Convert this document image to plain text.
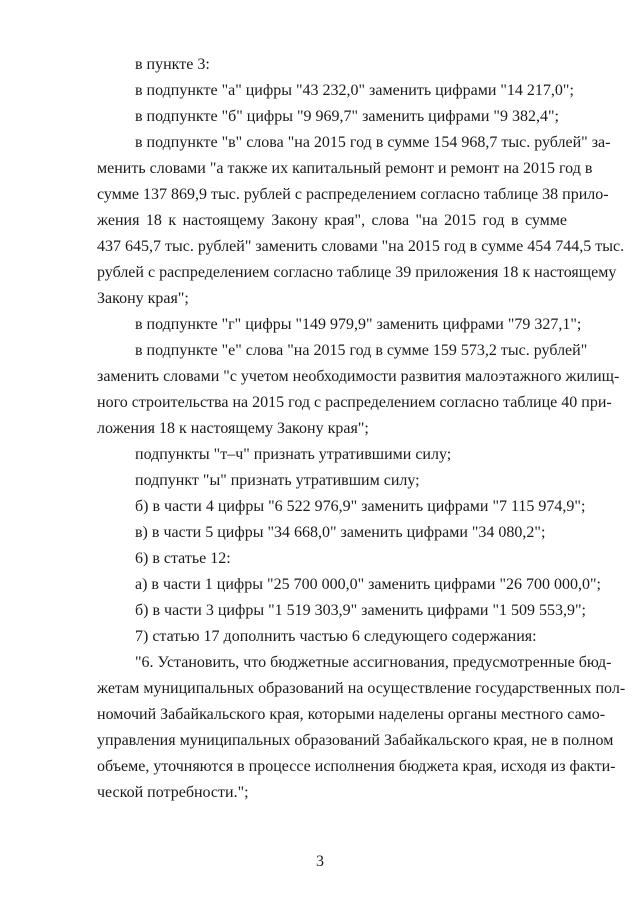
в пункте 3:
в подпункте "а" цифры "43 232,0" заменить цифрами "14 217,0";
в подпункте "б" цифры "9 969,7" заменить цифрами "9 382,4";
в подпункте "в" слова "на 2015 год в сумме 154 968,7 тыс. рублей" за-
менить словами "а также их капитальный ремонт и ремонт на 2015 год в
сумме 137 869,9 тыс. рублей с распределением согласно таблице 38 прило-
жения 18 к настоящему Закону края", слова "на 2015 год в сумме
437 645,7 тыс. рублей" заменить словами "на 2015 год в сумме 454 744,5 тыс.
рублей с распределением согласно таблице 39 приложения 18 к настоящему
Закону края";
в подпункте "г" цифры "149 979,9" заменить цифрами "79 327,1";
в подпункте "е" слова "на 2015 год в сумме 159 573,2 тыс. рублей"
заменить словами "с учетом необходимости развития малоэтажного жилищ-
ного строительства на 2015 год с распределением согласно таблице 40 при-
ложения 18 к настоящему Закону края";
подпункты "т–ч" признать утратившими силу;
подпункт "ы" признать утратившим силу;
б) в части 4 цифры "6 522 976,9" заменить цифрами "7 115 974,9";
в) в части 5 цифры "34 668,0" заменить цифрами "34 080,2";
6) в статье 12:
а) в части 1 цифры "25 700 000,0" заменить цифрами "26 700 000,0";
б) в части 3 цифры "1 519 303,9" заменить цифрами "1 509 553,9";
7) статью 17 дополнить частью 6 следующего содержания:
"6. Установить, что бюджетные ассигнования, предусмотренные бюд-
жетам муниципальных образований на осуществление государственных пол-
номочий Забайкальского края, которыми наделены органы местного само-
управления муниципальных образований Забайкальского края, не в полном
объеме, уточняются в процессе исполнения бюджета края, исходя из факти-
ческой потребности.";
3
